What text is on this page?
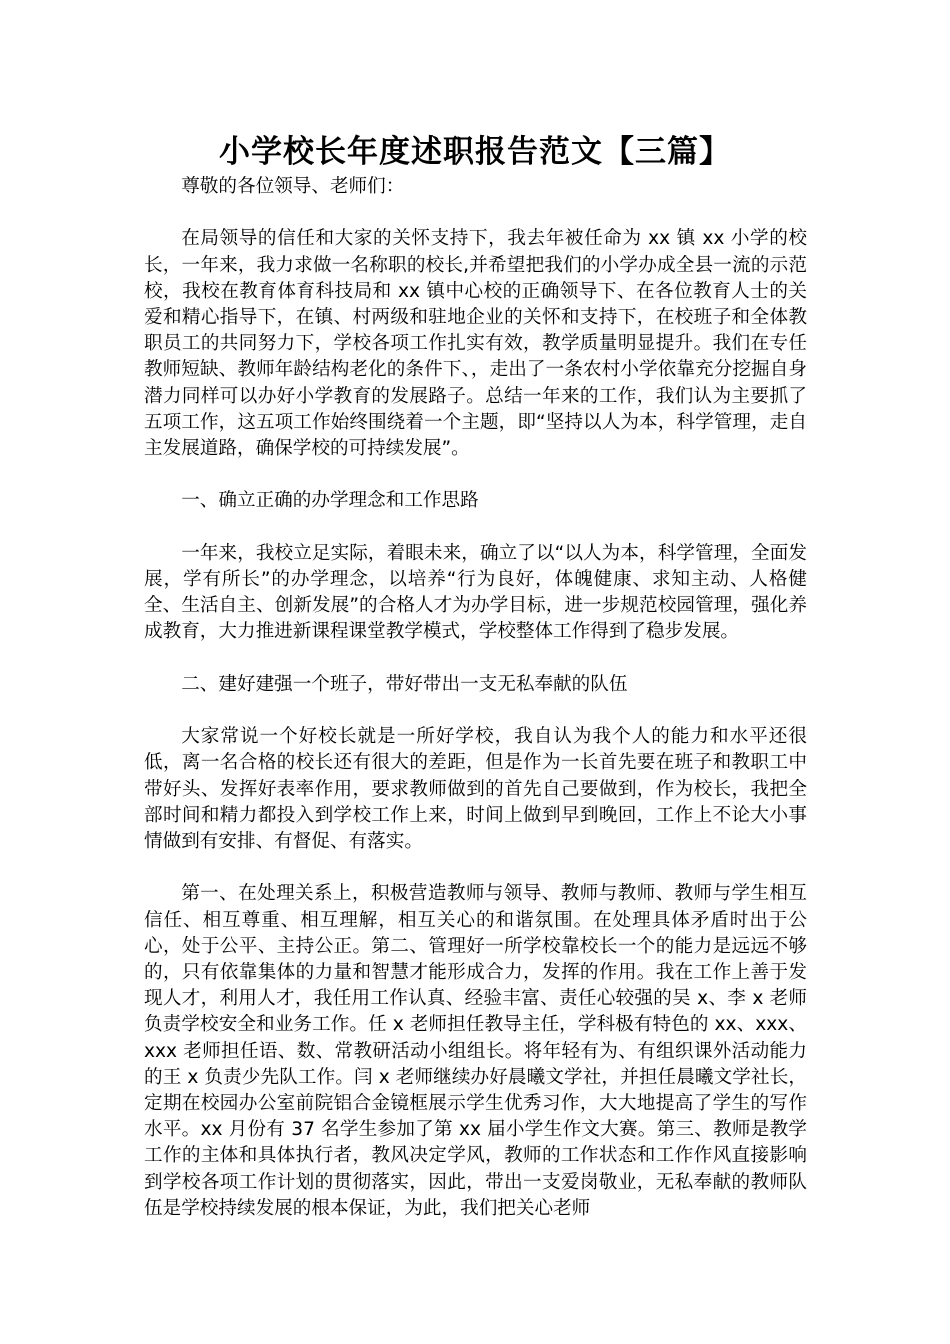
小学校长年度述职报告范文【三篇】

尊敬的各位领导、老师们：

在局领导的信任和大家的关怀支持下，我去年被任命为 xx 镇 xx 小学的校长，一年来，我力求做一名称职的校长,并希望把我们的小学办成全县一流的示范校，我校在教育体育科技局和 xx 镇中心校的正确领导下、在各位教育人士的关爱和精心指导下，在镇、村两级和驻地企业的关怀和支持下，在校班子和全体教职员工的共同努力下，学校各项工作扎实有效，教学质量明显提升。我们在专任教师短缺、教师年龄结构老化的条件下、，走出了一条农村小学依靠充分挖掘自身潜力同样可以办好小学教育的发展路子。总结一年来的工作，我们认为主要抓了五项工作，这五项工作始终围绕着一个主题，即“坚持以人为本，科学管理，走自主发展道路，确保学校的可持续发展”。

一、确立正确的办学理念和工作思路

一年来，我校立足实际，着眼未来，确立了以“以人为本，科学管理，全面发展，学有所长”的办学理念，以培养“行为良好，体魄健康、求知主动、人格健全、生活自主、创新发展”的合格人才为办学目标，进一步规范校园管理，强化养成教育，大力推进新课程课堂教学模式，学校整体工作得到了稳步发展。

二、建好建强一个班子，带好带出一支无私奉献的队伍

大家常说一个好校长就是一所好学校，我自认为我个人的能力和水平还很低，离一名合格的校长还有很大的差距，但是作为一长首先要在班子和教职工中带好头、发挥好表率作用，要求教师做到的首先自己要做到，作为校长，我把全部时间和精力都投入到学校工作上来，时间上做到早到晚回，工作上不论大小事情做到有安排、有督促、有落实。

第一、在处理关系上，积极营造教师与领导、教师与教师、教师与学生相互信任、相互尊重、相互理解，相互关心的和谐氛围。在处理具体矛盾时出于公心，处于公平、主持公正。第二、管理好一所学校靠校长一个的能力是远远不够的，只有依靠集体的力量和智慧才能形成合力，发挥的作用。我在工作上善于发现人才，利用人才，我任用工作认真、经验丰富、责任心较强的吴 x、李 x 老师负责学校安全和业务工作。任 x 老师担任教导主任，学科极有特色的 xx、xxx、xxx 老师担任语、数、常教研活动小组组长。将年轻有为、有组织课外活动能力的王 x 负责少先队工作。闫 x 老师继续办好晨曦文学社，并担任晨曦文学社长，定期在校园办公室前院铝合金镜框展示学生优秀习作，大大地提高了学生的写作水平。xx 月份有 37 名学生参加了第 xx 届小学生作文大赛。第三、教师是教学工作的主体和具体执行者，教风决定学风，教师的工作状态和工作作风直接影响到学校各项工作计划的贯彻落实，因此，带出一支爱岗敬业，无私奉献的教师队伍是学校持续发展的根本保证，为此，我们把关心老师
